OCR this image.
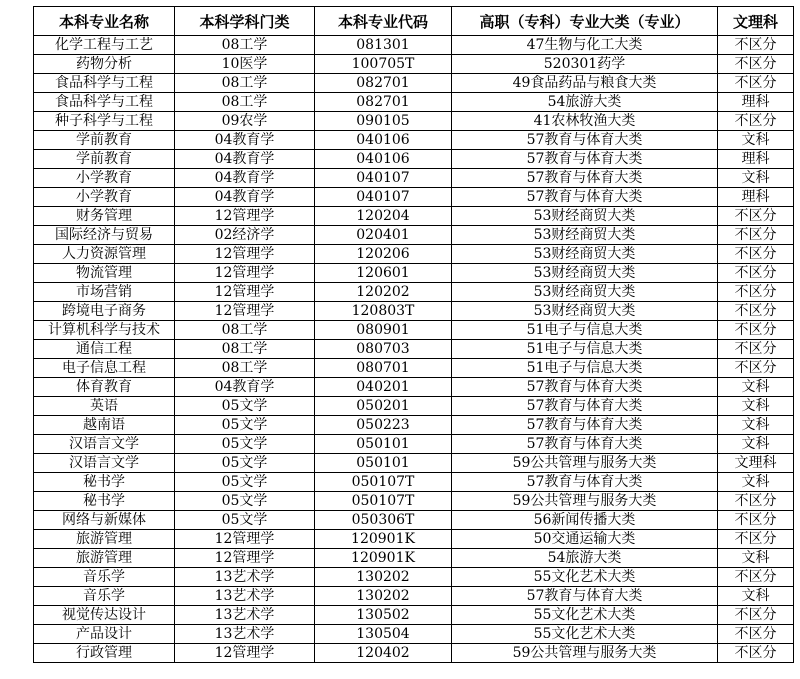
本科专业名称	本科学科门类	本科专业代码	高职（专科）专业大类（专业）	文理科
化学工程与工艺	08工学	081301	47生物与化工大类	不区分
药物分析	10医学	100705T	520301药学	不区分
食品科学与工程	08工学	082701	49食品药品与粮食大类	不区分
食品科学与工程	08工学	082701	54旅游大类	理科
种子科学与工程	09农学	090105	41农林牧渔大类	不区分
学前教育	04教育学	040106	57教育与体育大类	文科
学前教育	04教育学	040106	57教育与体育大类	理科
小学教育	04教育学	040107	57教育与体育大类	文科
小学教育	04教育学	040107	57教育与体育大类	理科
财务管理	12管理学	120204	53财经商贸大类	不区分
国际经济与贸易	02经济学	020401	53财经商贸大类	不区分
人力资源管理	12管理学	120206	53财经商贸大类	不区分
物流管理	12管理学	120601	53财经商贸大类	不区分
市场营销	12管理学	120202	53财经商贸大类	不区分
跨境电子商务	12管理学	120803T	53财经商贸大类	不区分
计算机科学与技术	08工学	080901	51电子与信息大类	不区分
通信工程	08工学	080703	51电子与信息大类	不区分
电子信息工程	08工学	080701	51电子与信息大类	不区分
体育教育	04教育学	040201	57教育与体育大类	文科
英语	05文学	050201	57教育与体育大类	文科
越南语	05文学	050223	57教育与体育大类	文科
汉语言文学	05文学	050101	57教育与体育大类	文科
汉语言文学	05文学	050101	59公共管理与服务大类	文理科
秘书学	05文学	050107T	57教育与体育大类	文科
秘书学	05文学	050107T	59公共管理与服务大类	不区分
网络与新媒体	05文学	050306T	56新闻传播大类	不区分
旅游管理	12管理学	120901K	50交通运输大类	不区分
旅游管理	12管理学	120901K	54旅游大类	文科
音乐学	13艺术学	130202	55文化艺术大类	不区分
音乐学	13艺术学	130202	57教育与体育大类	文科
视觉传达设计	13艺术学	130502	55文化艺术大类	不区分
产品设计	13艺术学	130504	55文化艺术大类	不区分
行政管理	12管理学	120402	59公共管理与服务大类	不区分
